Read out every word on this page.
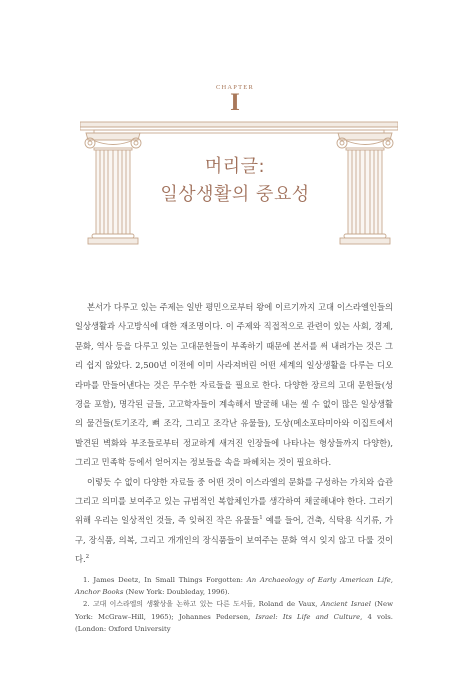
CHAPTER
I
머리글:
일상생활의 중요성

본서가 다루고 있는 주제는 일반 평민으로부터 왕에 이르기까지 고대 이스라엘인들의 일상생활과 사고방식에 대한 재조명이다. 이 주제와 직접적으로 관련이 있는 사회, 경제, 문화, 역사 등을 다루고 있는 고대문헌들이 부족하기 때문에 본서를 써 내려가는 것은 그리 쉽지 않았다. 2,500년 이전에 이미 사라져버린 어떤 세계의 일상생활을 다루는 디오라마를 만들어낸다는 것은 무수한 자료들을 필요로 한다. 다양한 장르의 고대 문헌들(성경을 포함), 명각된 글들, 고고학자들이 계속해서 발굴해 내는 셀 수 없이 많은 일상생활의 물건들(토기조각, 뼈 조각, 그리고 조각난 유물들), 도상(메소포타미아와 이집트에서 발견된 벽화와 부조들로부터 정교하게 새겨진 인장들에 나타나는 형상들까지 다양한), 그리고 민족학 등에서 얻어지는 정보들을 속을 파헤치는 것이 필요하다.

이렇듯 수 없이 다양한 자료들 중 어떤 것이 이스라엘의 문화를 구성하는 가치와 습관 그리고 의미를 보여주고 있는 규범적인 복합체인가를 생각하여 채굴해내야 한다. 그러기 위해 우리는 일상적인 것들, 즉 잊혀진 작은 유물들$^1$ 예를 들어, 건축, 식탁용 식기류, 가구, 장식품, 의복, 그리고 개개인의 장식품들이 보여주는 문화 역시 잊지 않고 다룰 것이다.$^2$

1. James Deetz, In Small Things Forgotten: An Archaeology of Early American Life, Anchor Books (New York: Doubleday, 1996).

2. 고대 이스라엘의 생활상을 논하고 있는 다른 도서들, Roland de Vaux, Ancient Israel (New York: McGraw–Hill, 1965); Johannes Pedersen, Israel: Its Life and Culture, 4 vols. (London: Oxford University
